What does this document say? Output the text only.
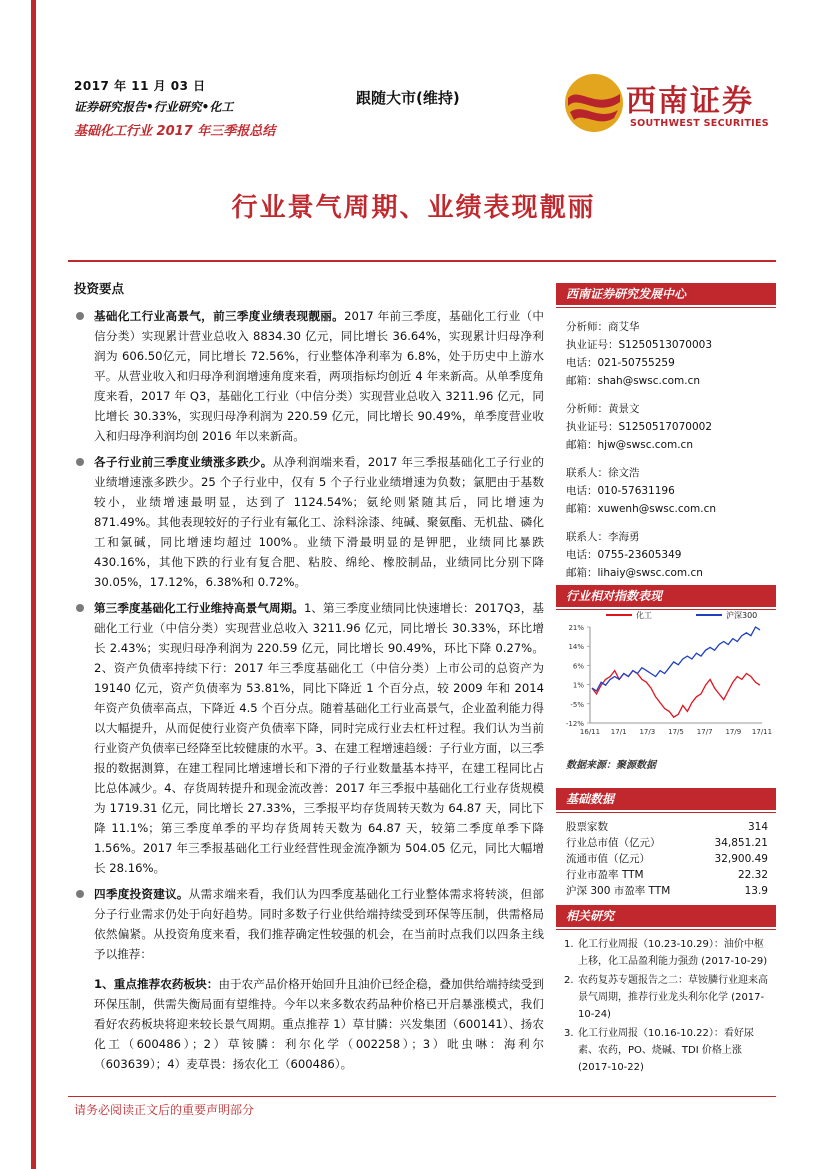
2017 年 11 月 03 日
证券研究报告•行业研究•化工
基础化工行业 2017 年三季报总结
跟随大市(维持)	西南证券
SOUTHWEST SECURITIES
行业景气周期、业绩表现靓丽
投资要点
基础化工行业高景气，前三季度业绩表现靓丽。2017 年前三季度，基础化工行业（中信分类）实现累计营业总收入 8834.30 亿元，同比增长 36.64%，实现累计归母净利润为 606.50亿元，同比增长 72.56%，行业整体净利率为 6.8%，处于历史中上游水平。从营业收入和归母净利润增速角度来看，两项指标均创近 4 年来新高。从单季度角度来看，2017 年 Q3，基础化工行业（中信分类）实现营业总收入 3211.96 亿元，同比增长 30.33%，实现归母净利润为 220.59 亿元，同比增长 90.49%，单季度营业收入和归母净利润均创 2016 年以来新高。
各子行业前三季度业绩涨多跌少。从净利润端来看，2017 年三季报基础化工子行业的业绩增速涨多跌少。25 个子行业中，仅有 5 个子行业业绩增速为负数；氯肥由于基数较小，业绩增速最明显，达到了 1124.54%；氨纶则紧随其后，同比增速为 871.49%。其他表现较好的子行业有氟化工、涂料涂漆、纯碱、聚氨酯、无机盐、磷化工和氯碱，同比增速均超过 100%。业绩下滑最明显的是钾肥，业绩同比暴跌 430.16%，其他下跌的行业有复合肥、粘胶、绵纶、橡胶制品，业绩同比分别下降 30.05%，17.12%，6.38%和 0.72%。
第三季度基础化工行业维持高景气周期。1、第三季度业绩同比快速增长：2017Q3，基础化工行业（中信分类）实现营业总收入 3211.96 亿元，同比增长 30.33%，环比增长 2.43%；实现归母净利润为 220.59 亿元，同比增长 90.49%，环比下降 0.27%。2、资产负债率持续下行：2017 年三季度基础化工（中信分类）上市公司的总资产为 19140 亿元，资产负债率为 53.81%，同比下降近 1 个百分点，较 2009 年和 2014 年资产负债率高点，下降近 4.5 个百分点。随着基础化工行业高景气，企业盈利能力得以大幅提升，从而促使行业资产负债率下降，同时完成行业去杠杆过程。我们认为当前行业资产负债率已经降至比较健康的水平。3、在建工程增速趋缓：子行业方面，以三季报的数据测算，在建工程同比增速增长和下滑的子行业数量基本持平，在建工程同比占比总体减少。4、存货周转提升和现金流改善：2017 年三季报中基础化工行业存货规模为 1719.31 亿元，同比增长 27.33%，三季报平均存货周转天数为 64.87 天，同比下降 11.1%；第三季度单季的平均存货周转天数为 64.87 天，较第二季度单季下降 1.56%。2017 年三季报基础化工行业经营性现金流净额为 504.05 亿元，同比大幅增长 28.16%。
四季度投资建议。从需求端来看，我们认为四季度基础化工行业整体需求将转淡，但部分子行业需求仍处于向好趋势。同时多数子行业供给端持续受到环保等压制，供需格局依然偏紧。从投资角度来看，我们推荐确定性较强的机会，在当前时点我们以四条主线予以推荐：
1、重点推荐农药板块：由于农产品价格开始回升且油价已经企稳，叠加供给端持续受到环保压制，供需失衡局面有望维持。今年以来多数农药品种价格已开启暴涨模式，我们看好农药板块将迎来较长景气周期。重点推荐 1）草甘膦：兴发集团（600141）、扬农化工（600486）；2）草铵膦：利尔化学（002258）；3）吡虫啉：海利尔（603639）；4）麦草畏：扬农化工（600486）。
西南证券研究发展中心
分析师：商艾华
执业证号：S1250513070003
电话：021-50755259
邮箱：shah@swsc.com.cn
分析师：黄景文
执业证号：S1250517070002
邮箱：hjw@swsc.com.cn
联系人：徐文浩
电话：010-57631196
邮箱：xuwenh@swsc.com.cn
联系人：李海勇
电话：0755-23605349
邮箱：lihaiy@swsc.com.cn
行业相对指数表现
化工	沪深300
21%
14%
6%
1%
-5%
-12%
16/11 17/1 17/3 17/5 17/7 17/9 17/11
数据来源：聚源数据
基础数据
股票家数	314
行业总市值（亿元）	34,851.21
流通市值（亿元）	32,900.49
行业市盈率 TTM	22.32
沪深 300 市盈率 TTM	13.9
相关研究
1. 化工行业周报（10.23-10.29）：油价中枢上移，化工品盈利能力强劲 (2017-10-29)
2. 农药复苏专题报告之二：草铵膦行业迎来高景气周期，推荐行业龙头利尔化学 (2017-10-24)
3. 化工行业周报（10.16-10.22）：看好尿素、农药，PO、烧碱、TDI 价格上涨 (2017-10-22)
请务必阅读正文后的重要声明部分
